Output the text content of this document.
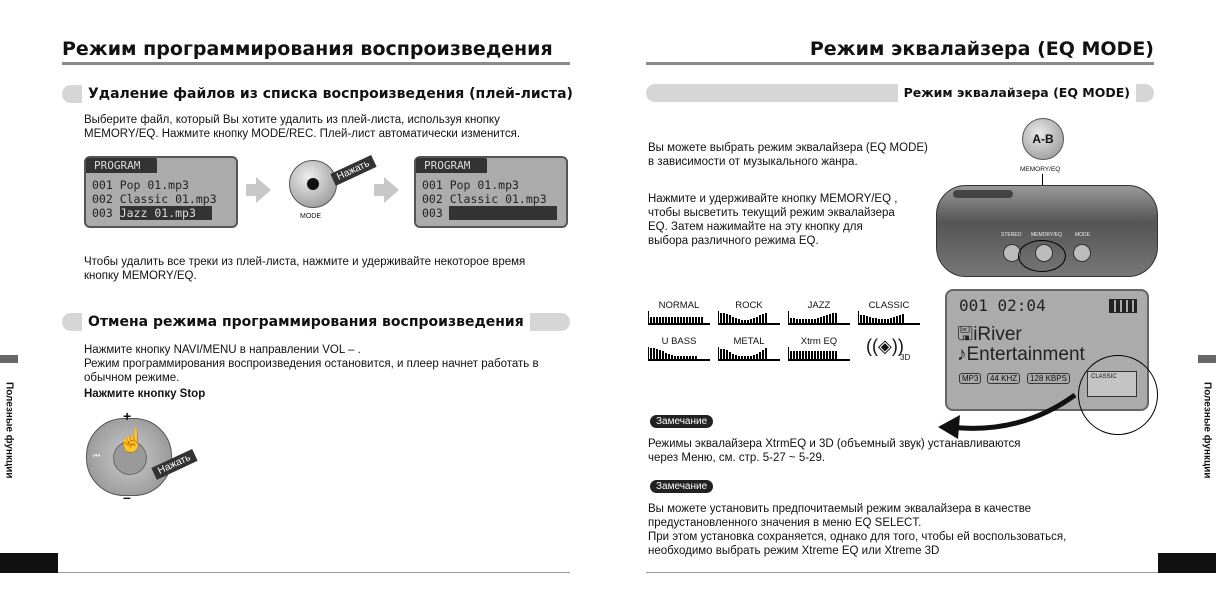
Режим программирования воспроизведения
Удаление файлов из списка воспроизведения (плей-листа)
Выберите файл, который Вы хотите удалить из плей-листа, используя кнопку
MEMORY/EQ. Нажмите кнопку MODE/REC. Плей-лист автоматически изменится.
PROGRAM
001 Pop 01.mp3
002 Classic 01.mp3
003 Jazz 01.mp3
Нажать
MODE
PROGRAM
001 Pop 01.mp3
002 Classic 01.mp3
003
Чтобы удалить все треки из плей-листа, нажмите и удерживайте некоторое время
кнопку MEMORY/EQ.
Отмена режима программирования воспроизведения
Нажмите кнопку NAVI/MENU в направлении VOL – .
Режим программирования воспроизведения остановится, и плеер начнет работать в
обычном режиме.
Нажмите кнопку Stop
⏮
+
–
☝
Нажать
Полезные функции
Режим эквалайзера (EQ MODE)
Режим эквалайзера (EQ MODE)
Вы можете выбрать режим эквалайзера (EQ MODE)
в зависимости от музыкального жанра.
Нажмите и удерживайте кнопку MEMORY/EQ ,
чтобы высветить текущий режим эквалайзера
EQ. Затем нажимайте на эту кнопку для
выбора различного режима EQ.
A-B
MEMORY/EQ
STEREO MEMORY/EQ	MODE
NORMAL	ROCK	JAZZ	CLASSIC
U BASS	METAL	Xtrm EQ	((◈))
3D
001 02:04
🖫iRiver
♪Entertainment
MP3	44 KHZ	128 KBPS	CLASSIC
Замечание
Режимы эквалайзера XtrmEQ и 3D (объемный звук) устанавливаются
через Меню, см. стр. 5-27 ~ 5-29.
Замечание
Вы можете установить предпочитаемый режим эквалайзера в качестве
предустановленного значения в меню EQ SELECT.
При этом установка сохраняется, однако для того, чтобы ей воспользоваться,
необходимо выбрать режим Xtreme EQ или Xtreme 3D
Полезные функции
